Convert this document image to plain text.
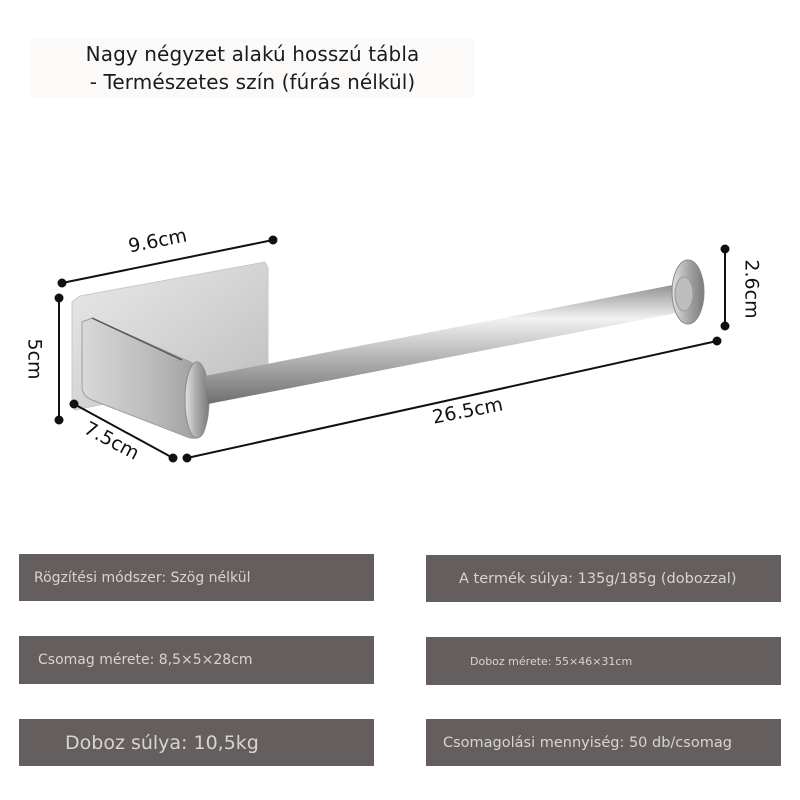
Nagy négyzet alakú hosszú tábla
- Természetes szín (fúrás nélkül)
9.6cm
5cm
7.5cm
26.5cm
2.6cm
Rögzítési módszer: Szög nélkül	A termék súlya: 135g/185g (dobozzal)
Csomag mérete: 8,5×5×28cm	Doboz mérete: 55×46×31cm
Doboz súlya: 10,5kg	Csomagolási mennyiség: 50 db/csomag
